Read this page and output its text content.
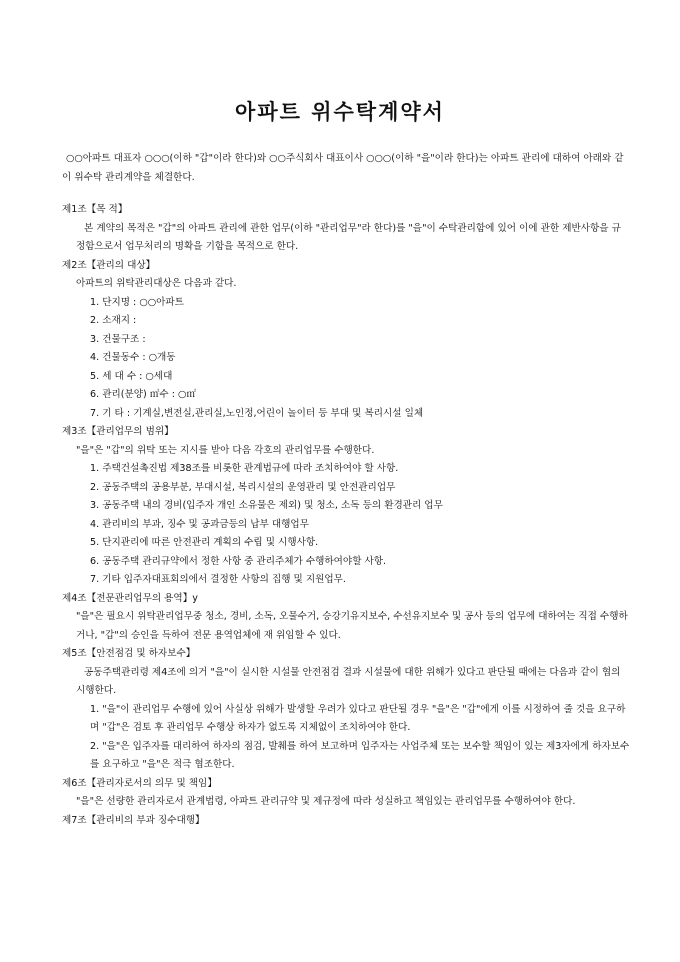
아파트 위수탁계약서
○○아파트 대표자 ○○○(이하 "갑"이라 한다)와 ○○주식회사 대표이사 ○○○(이하 "을"이라 한다)는 아파트 관리에 대하여 아래와 같이 위수탁 관리계약을 체결한다.
제1조【목 적】
본 계약의 목적은 "갑"의 아파트 관리에 관한 업무(이하 "관리업무"라 한다)를 "을"이 수탁관리함에 있어 이에 관한 제반사항을 규정함으로서 업무처리의 명확을 기함을 목적으로 한다.
제2조【관리의 대상】
아파트의 위탁관리대상은 다음과 같다.
1. 단지명 : ○○아파트
2. 소재지 :
3. 건물구조 :
4. 건물동수 : ○개동
5. 세 대 수 : ○세대
6. 관리(분양) ㎡수 : ○㎡
7. 기 타 : 기계실,변전실,관리실,노인정,어린이 놀이터 등 부대 및 복리시설 일체
제3조【관리업무의 범위】
"을"은 "갑"의 위탁 또는 지시를 받아 다음 각호의 관리업무를 수행한다.
1. 주택건설촉진법 제38조를 비롯한 관계법규에 따라 조치하여야 할 사항.
2. 공동주택의 공용부분, 부대시설, 복리시설의 운영관리 및 안전관리업무
3. 공동주택 내의 경비(입주자 개인 소유물은 제외) 및 청소, 소독 등의 환경관리 업무
4. 관리비의 부과, 징수 및 공과금등의 납부 대행업무
5. 단지관리에 따른 안전관리 계획의 수립 및 시행사항.
6. 공동주택 관리규약에서 정한 사항 중 관리주체가 수행하여야할 사항.
7. 기타 입주자대표회의에서 결정한 사항의 집행 및 지원업무.
제4조【전문관리업무의 용역】y
"을"은 필요시 위탁관리업무중 청소, 경비, 소독, 오물수거, 승강기유지보수, 수선유지보수 및 공사 등의 업무에 대하여는 직접 수행하거나, "갑"의 승인을 득하여 전문 용역업체에 재 위임할 수 있다.
제5조【안전점검 및 하자보수】
공동주택관리령 제4조에 의거 "을"이 실시한 시설물 안전점검 결과 시설물에 대한 위해가 있다고 판단될 때에는 다음과 같이 협의 시행한다.
1. "을"이 관리업무 수행에 있어 사실상 위해가 발생할 우려가 있다고 판단될 경우 "을"은 "갑"에게 이를 시정하여 줄 것을 요구하며 "갑"은 검토 후 관리업무 수행상 하자가 없도록 지체없이 조치하여야 한다.
2. "을"은 입주자를 대리하여 하자의 점검, 발췌를 하여 보고하며 입주자는 사업주체 또는 보수할 책임이 있는 제3자에게 하자보수를 요구하고 "을"은 적극 협조한다.
제6조【관리자로서의 의무 및 책임】
"을"은 선량한 관리자로서 관계법령, 아파트 관리규약 및 제규정에 따라 성실하고 책임있는 관리업무를 수행하여야 한다.
제7조【관리비의 부과 징수대행】
